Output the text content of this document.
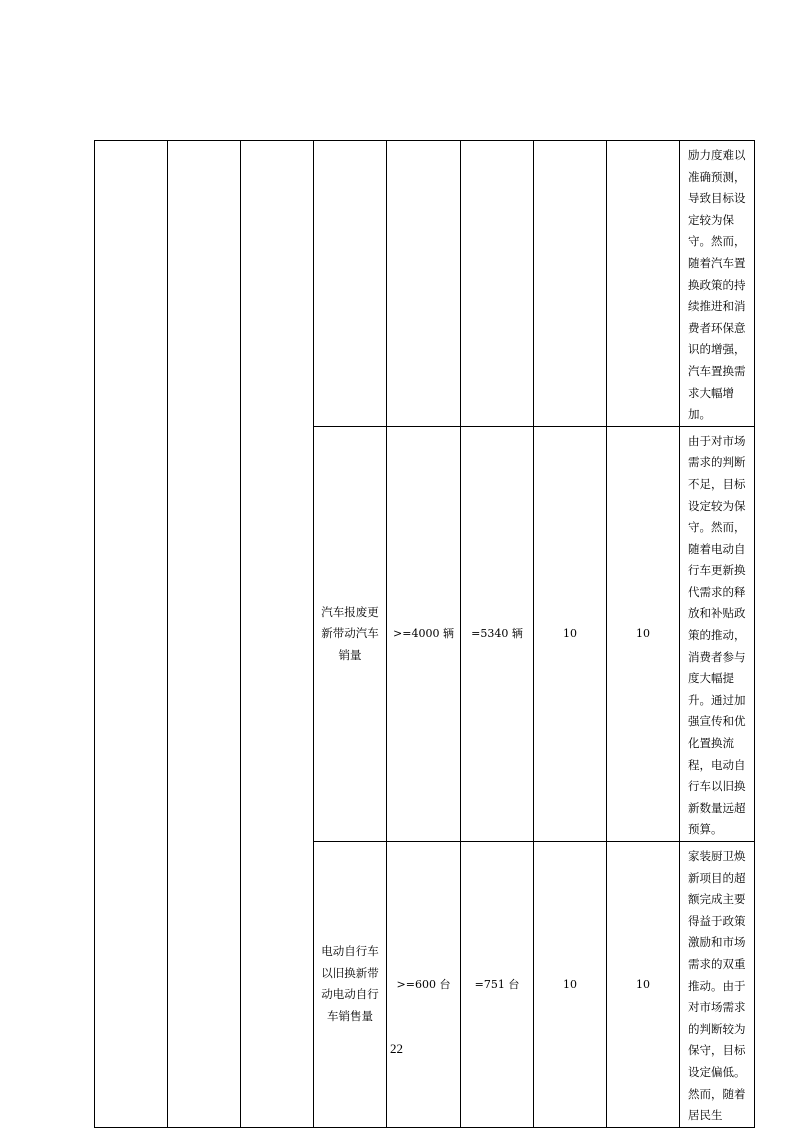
								励力度难以准确预测，导致目标设定较为保守。然而，随着汽车置换政策的持续推进和消费者环保意识的增强，汽车置换需求大幅增加。
			汽车报废更新带动汽车销量	>=4000 辆	=5340 辆	10	10	由于对市场需求的判断不足，目标设定较为保守。然而，随着电动自行车更新换代需求的释放和补贴政策的推动，消费者参与度大幅提升。通过加强宣传和优化置换流程，电动自行车以旧换新数量远超预算。
			电动自行车以旧换新带动电动自行车销售量	>=600 台	=751 台	10	10	家装厨卫焕新项目的超额完成主要得益于政策激励和市场需求的双重推动。由于对市场需求的判断较为保守，目标设定偏低。然而，随着居民生
22
